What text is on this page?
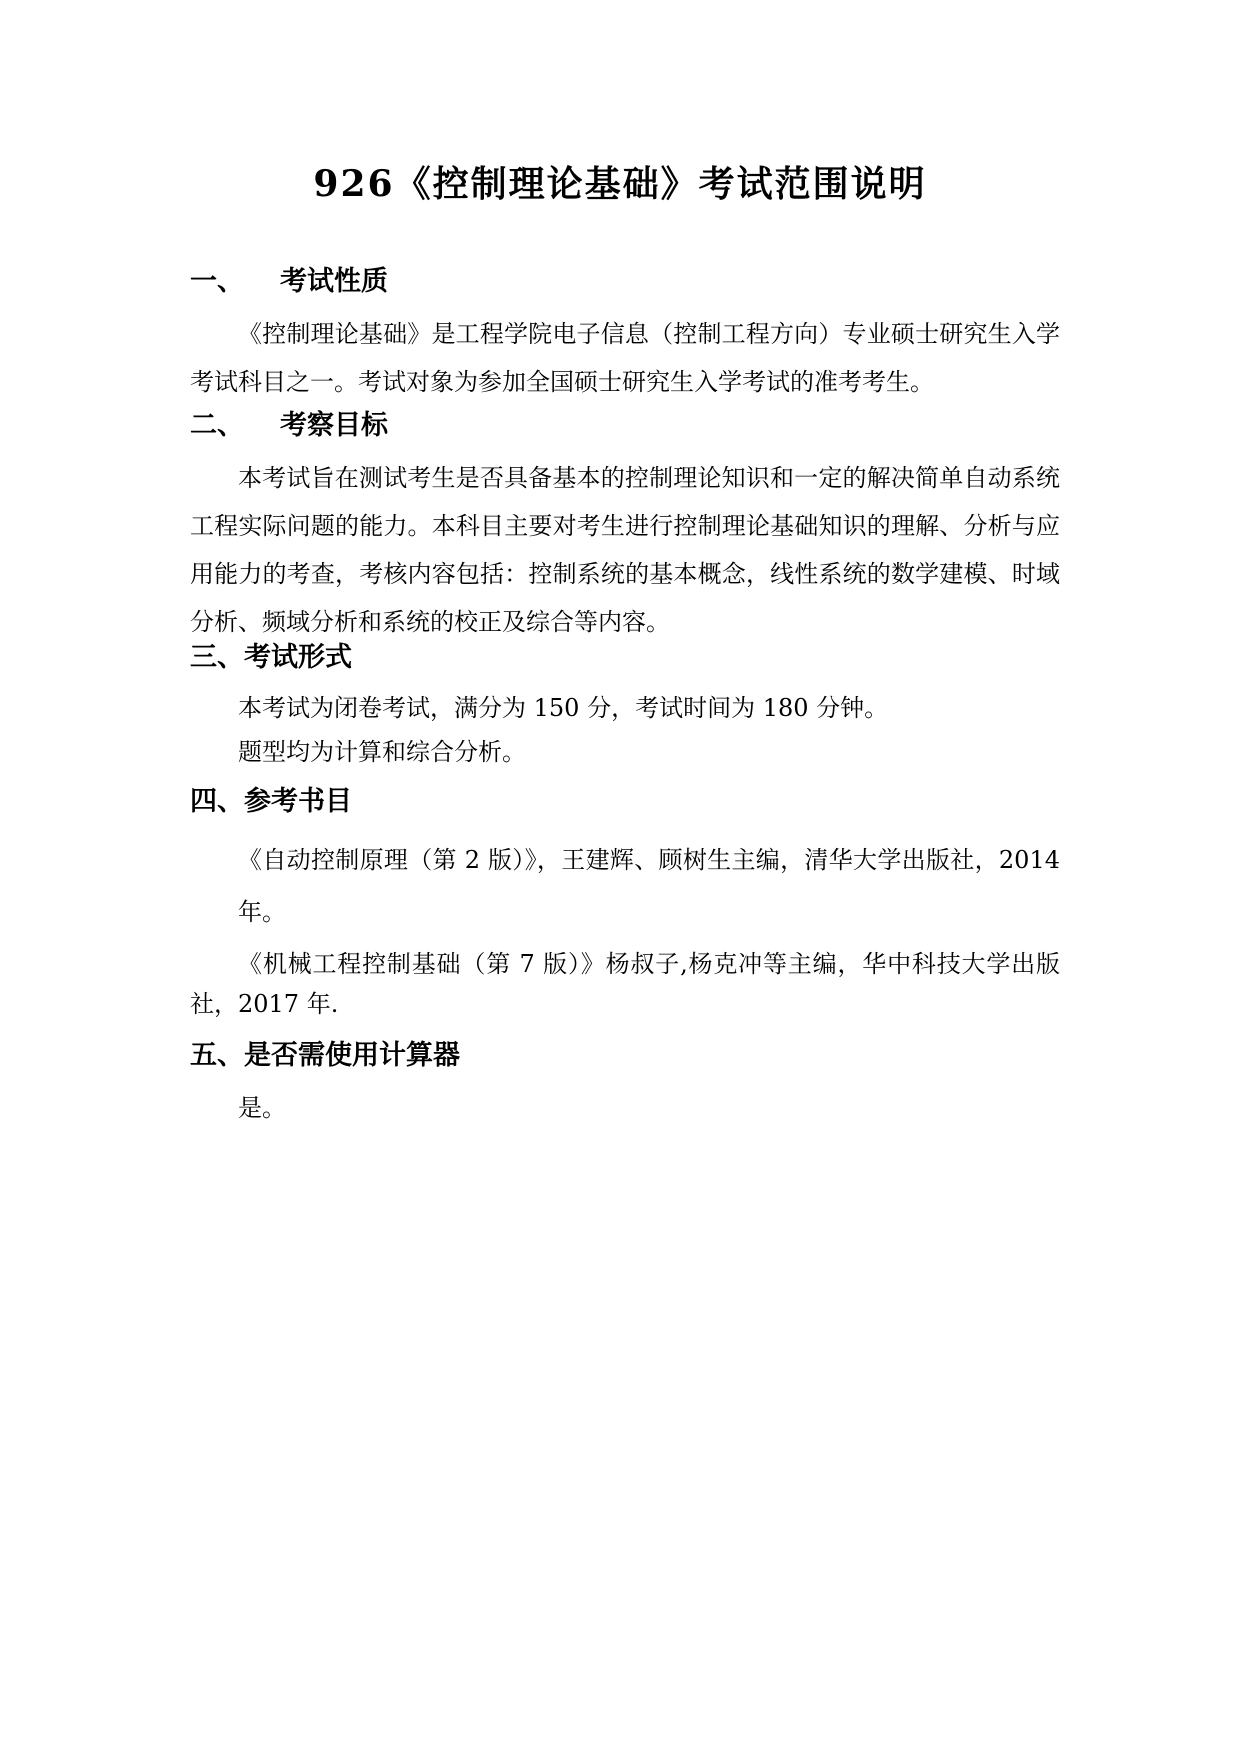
926《控制理论基础》考试范围说明
一、 考试性质

《控制理论基础》是工程学院电子信息（控制工程方向）专业硕士研究生入学考试科目之一。考试对象为参加全国硕士研究生入学考试的准考考生。

二、 考察目标

本考试旨在测试考生是否具备基本的控制理论知识和一定的解决简单自动系统工程实际问题的能力。本科目主要对考生进行控制理论基础知识的理解、分析与应用能力的考查，考核内容包括：控制系统的基本概念，线性系统的数学建模、时域分析、频域分析和系统的校正及综合等内容。

三、考试形式

本考试为闭卷考试，满分为 150 分，考试时间为 180 分钟。

题型均为计算和综合分析。

四、参考书目

《自动控制原理（第 2 版）》，王建辉、顾树生主编，清华大学出版社，2014 年。

《机械工程控制基础（第 7 版）》杨叔子,杨克冲等主编，华中科技大学出版社，2017 年.

五、是否需使用计算器

是。
